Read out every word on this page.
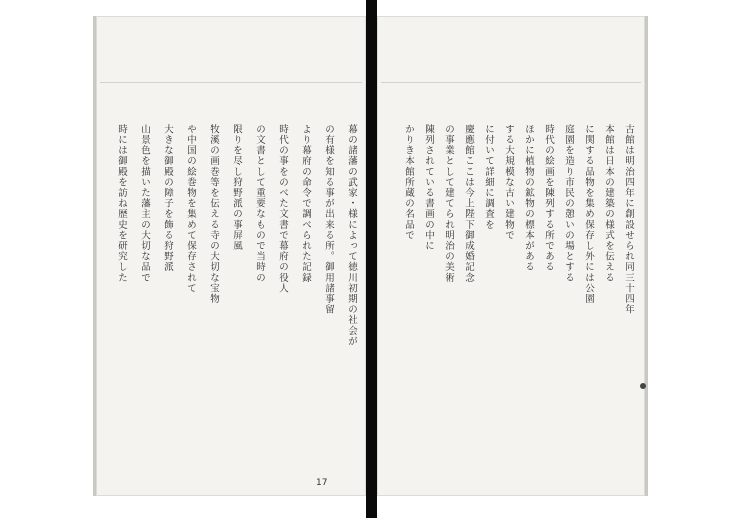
幕の諸藩の武家・様によって徳川初期の社会が
の有様を知る事が出来る所。御用諸事留
より幕府の命令で調べられた記録
時代の事をのべた文書で幕府の役人
の文書として重要なもので当時の
限りを尽し狩野派の事屏風
牧溪の画巻等を伝える寺の大切な宝物
や中国の絵巻物を集めて保存されて
大きな御殿の障子を飾る狩野派
山景色を描いた藩主の大切な品で
時には御殿を訪ね歴史を研究した
17
古館は明治四年に創設せられ同三十四年
本館は日本の建築の様式を伝える
に関する品物を集め保存し外には公園
庭園を造り市民の憩いの場とする
時代の絵画を陳列する所である
ほかに植物の鉱物の標本がある
する大規模な古い建物で
に付いて詳細に調査を
慶應館ここは今上陛下御成婚記念
の事業として建てられ明治の美術
陳列されている書画の中に
かりき本館所蔵の名品で
